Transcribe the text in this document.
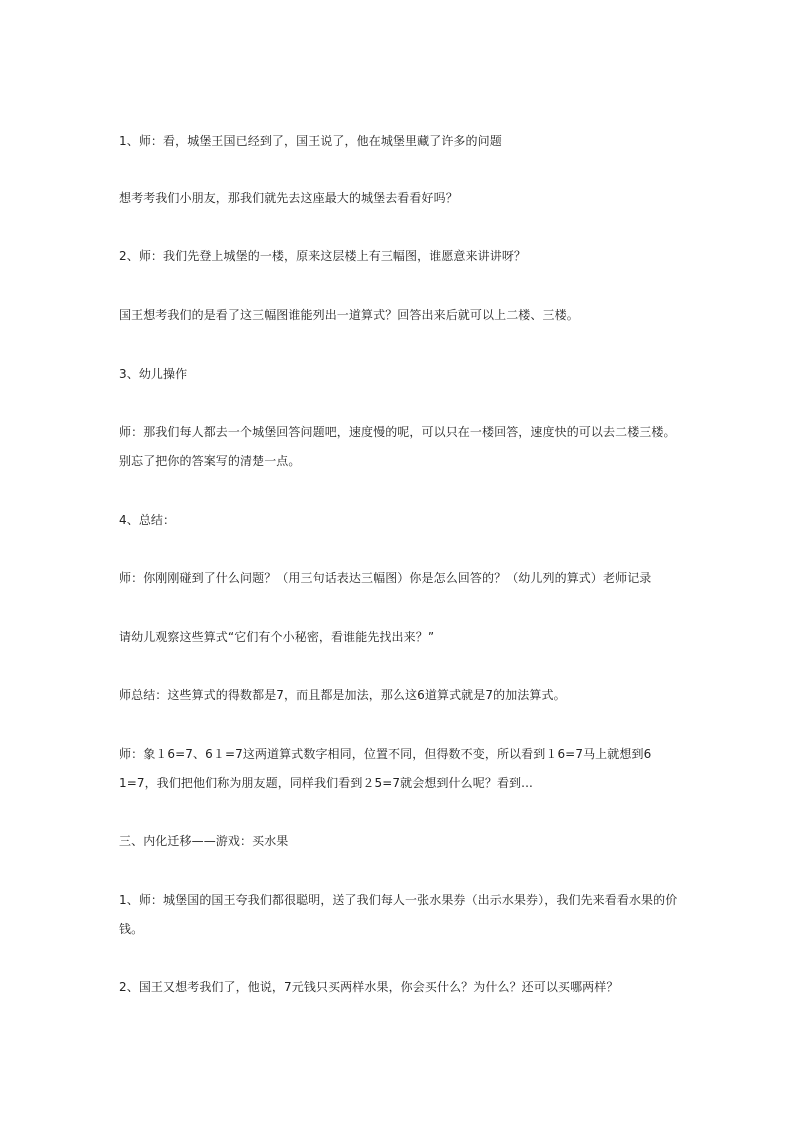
1、师：看，城堡王国已经到了，国王说了，他在城堡里藏了许多的问题
想考考我们小朋友，那我们就先去这座最大的城堡去看看好吗？
2、师：我们先登上城堡的一楼，原来这层楼上有三幅图，谁愿意来讲讲呀？
国王想考我们的是看了这三幅图谁能列出一道算式？回答出来后就可以上二楼、三楼。
3、幼儿操作
师：那我们每人都去一个城堡回答问题吧，速度慢的呢，可以只在一楼回答，速度快的可以去二楼三楼。
别忘了把你的答案写的清楚一点。
4、总结：
师：你刚刚碰到了什么问题？（用三句话表达三幅图）你是怎么回答的？（幼儿列的算式）老师记录
请幼儿观察这些算式“它们有个小秘密，看谁能先找出来？”
师总结：这些算式的得数都是7，而且都是加法，那么这6道算式就是7的加法算式。
师：象１6=7、6１=7这两道算式数字相同，位置不同，但得数不变，所以看到１6=7马上就想到6
1=7，我们把他们称为朋友题，同样我们看到２5=7就会想到什么呢？看到...
三、内化迁移——游戏：买水果
1、师：城堡国的国王夸我们都很聪明，送了我们每人一张水果券（出示水果券），我们先来看看水果的价
钱。
2、国王又想考我们了，他说，7元钱只买两样水果，你会买什么？为什么？还可以买哪两样？
